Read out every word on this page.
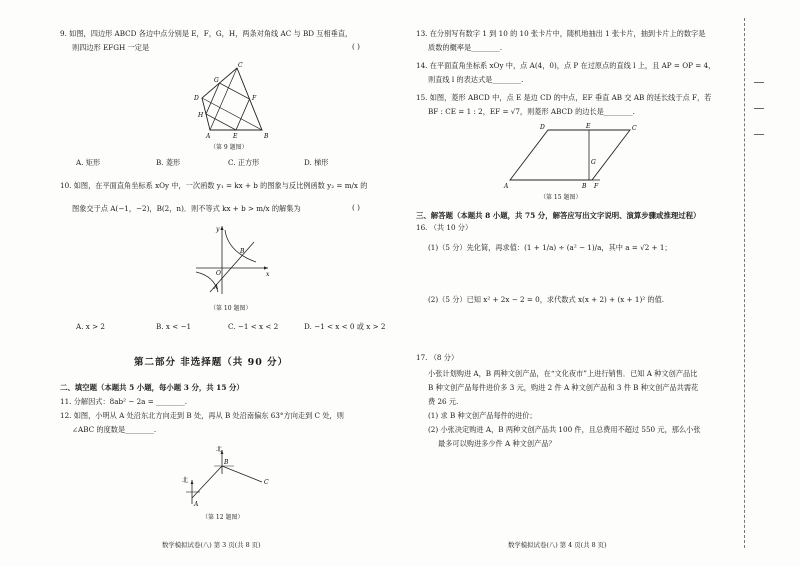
9. 如图，四边形 ABCD 各边中点分别是 E，F，G，H，两条对角线 AC 与 BD 互相垂直，
则四边形 EFGH 一定是	( )
A	B
C
D
E
F
G
H
（第 9 题图）
A. 矩形	B. 菱形	C. 正方形	D. 梯形
10. 如图，在平面直角坐标系 xOy 中，一次函数 y₁ = kx + b 的图象与反比例函数 y₂ = m/x 的
图象交于点 A(−1，−2)，B(2，n)．则不等式 kx + b > m/x 的解集为	( )
y
x
O
A
B
（第 10 题图）
A. x > 2	B. x < −1	C. −1 < x < 2	D. −1 < x < 0 或 x > 2
第二部分 非选择题（共 90 分）
二、填空题（本题共 5 小题，每小题 3 分，共 15 分）
11. 分解因式：8ab² − 2a = ________.
12. 如图，小明从 A 处沿东北方向走到 B 处，再从 B 处沿南偏东 63°方向走到 C 处，则
∠ABC 的度数是________.
北
北
A
B
C
（第 12 题图）
数学模拟试卷(八) 第 3 页(共 8 页)
13. 在分别写有数字 1 到 10 的 10 张卡片中，随机地抽出 1 张卡片，抽到卡片上的数字是
质数的概率是________.
14. 在平面直角坐标系 xOy 中，点 A(4，0)，点 P 在过原点的直线 l 上，且 AP = OP = 4，
则直线 l 的表达式是________.
15. 如图，菱形 ABCD 中，点 E 是边 CD 的中点，EF 垂直 AB 交 AB 的延长线于点 F，若
BF : CE = 1 : 2，EF = √7，则菱形 ABCD 的边长是________.
A	B
C
D	E
F
G
（第 15 题图）
三、解答题（本题共 8 小题，共 75 分，解答应写出文字说明、演算步骤或推理过程）
16. （共 10 分）
(1)（5 分）先化简，再求值：(1 + 1/a) ÷ (a² − 1)/a，其中 a = √2 + 1；
(2)（5 分）已知 x² + 2x − 2 = 0，求代数式 x(x + 2) + (x + 1)² 的值.
17. （8 分）
小张计划购进 A，B 两种文创产品，在“文化夜市”上进行销售．已知 A 种文创产品比
B 种文创产品每件进价多 3 元，购进 2 件 A 种文创产品和 3 件 B 种文创产品共需花
费 26 元.
(1) 求 B 种文创产品每件的进价；
(2) 小张决定购进 A，B 两种文创产品共 100 件，且总费用不超过 550 元，那么小张
最多可以购进多少件 A 种文创产品？
数学模拟试卷(八) 第 4 页(共 8 页)
